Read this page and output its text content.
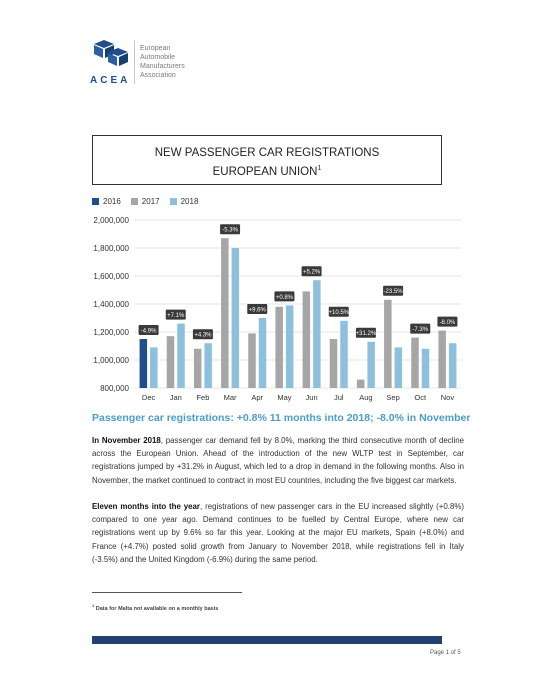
ACEA
European
Automobile
Manufacturers
Association
NEW PASSENGER CAR REGISTRATIONS
EUROPEAN UNION$^1$
2016	2017	2018
2,000,000
1,800,000
1,600,000
1,400,000
1,200,000
1,000,000
800,000
Dec
-4.9%
Jan
+7.1%
Feb
+4.3%
Mar
-5.3%
Apr
+9.6%
May
+0.8%
Jun
+5.2%
Jul
+10.5%
Aug
+31.2%
Sep
-23.5%
Oct
-7.3%
Nov
-8.0%
Passenger car registrations: +0.8% 11 months into 2018; -8.0% in November
In November 2018, passenger car demand fell by 8.0%, marking the third consecutive month of decline across the European Union. Ahead of the introduction of the new WLTP test in September, car registrations jumped by +31.2% in August, which led to a drop in demand in the following months. Also in November, the market continued to contract in most EU countries, including the five biggest car markets.
Eleven months into the year, registrations of new passenger cars in the EU increased slightly (+0.8%) compared to one year ago. Demand continues to be fuelled by Central Europe, where new car registrations went up by 9.6% so far this year. Looking at the major EU markets, Spain (+8.0%) and France (+4.7%) posted solid growth from January to November 2018, while registrations fell in Italy (-3.5%) and the United Kingdom (-6.9%) during the same period.
$^1$ Data for Malta not available on a monthly basis
Page 1 of 5
